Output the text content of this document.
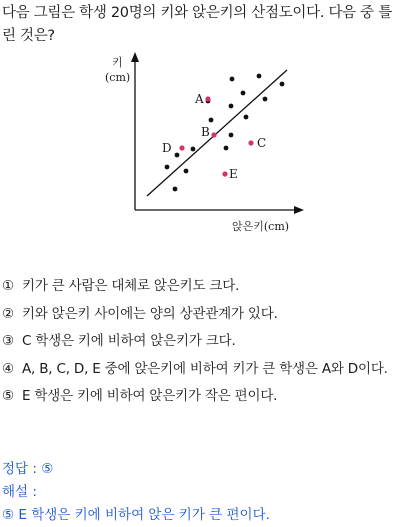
다음 그림은 학생 20명의 키와 앉은키의 산점도이다. 다음 중 틀린 것은?
키
(cm)
앉은키(cm)
A
B
C
D
E
① 키가 큰 사람은 대체로 앉은키도 크다.
② 키와 앉은키 사이에는 양의 상관관계가 있다.
③ C 학생은 키에 비하여 앉은키가 크다.
④ A, B, C, D, E 중에 앉은키에 비하여 키가 큰 학생은 A와 D이다.
⑤ E 학생은 키에 비하여 앉은키가 작은 편이다.
정답 : ⑤
해설 :
⑤ E 학생은 키에 비하여 앉은 키가 큰 편이다.
